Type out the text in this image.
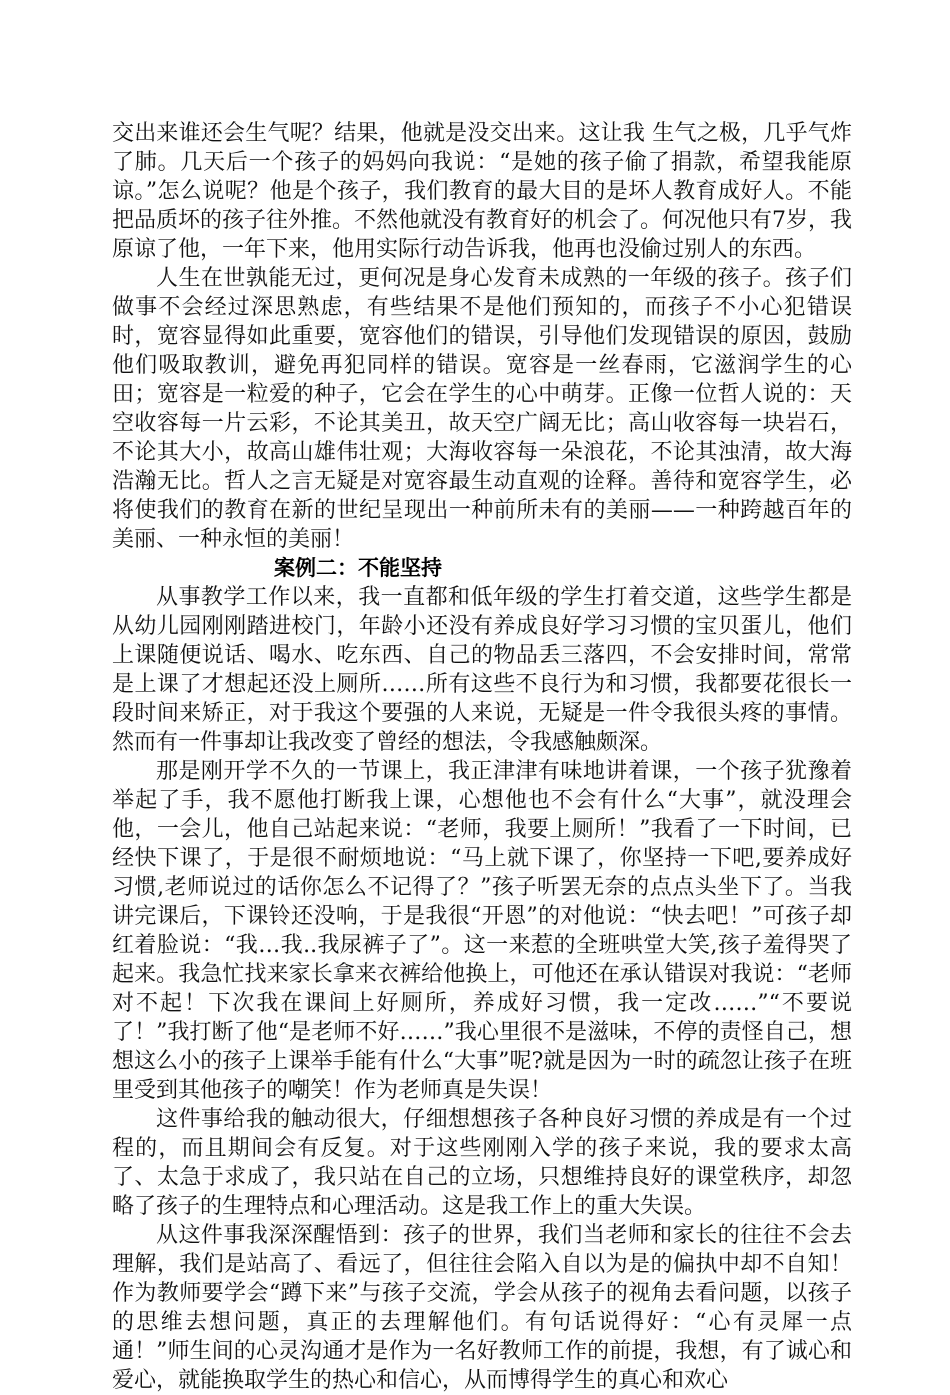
交出来谁还会生气呢？结果，他就是没交出来。这让我 生气之极，几乎气炸了肺。几天后一个孩子的妈妈向我说：“是她的孩子偷了捐款，希望我能原谅。”怎么说呢？他是个孩子，我们教育的最大目的是坏人教育成好人。不能把品质坏的孩子往外推。不然他就没有教育好的机会了。何况他只有7岁，我原谅了他，一年下来，他用实际行动告诉我，他再也没偷过别人的东西。

人生在世孰能无过，更何况是身心发育未成熟的一年级的孩子。孩子们做事不会经过深思熟虑，有些结果不是他们预知的，而孩子不小心犯错误时，宽容显得如此重要，宽容他们的错误，引导他们发现错误的原因，鼓励他们吸取教训，避免再犯同样的错误。宽容是一丝春雨，它滋润学生的心田；宽容是一粒爱的种子，它会在学生的心中萌芽。正像一位哲人说的：天空收容每一片云彩，不论其美丑，故天空广阔无比；高山收容每一块岩石，不论其大小，故高山雄伟壮观；大海收容每一朵浪花，不论其浊清，故大海浩瀚无比。哲人之言无疑是对宽容最生动直观的诠释。善待和宽容学生，必将使我们的教育在新的世纪呈现出一种前所未有的美丽——一种跨越百年的美丽、一种永恒的美丽！

案例二：不能坚持

从事教学工作以来，我一直都和低年级的学生打着交道，这些学生都是从幼儿园刚刚踏进校门，年龄小还没有养成良好学习习惯的宝贝蛋儿，他们上课随便说话、喝水、吃东西、自己的物品丢三落四，不会安排时间，常常是上课了才想起还没上厕所……所有这些不良行为和习惯，我都要花很长一段时间来矫正，对于我这个要强的人来说，无疑是一件令我很头疼的事情。然而有一件事却让我改变了曾经的想法，令我感触颇深。

那是刚开学不久的一节课上，我正津津有味地讲着课，一个孩子犹豫着举起了手，我不愿他打断我上课，心想他也不会有什么“大事”，就没理会他，一会儿，他自己站起来说：“老师，我要上厕所！”我看了一下时间，已经快下课了，于是很不耐烦地说：“马上就下课了，你坚持一下吧,要养成好习惯,老师说过的话你怎么不记得了？”孩子听罢无奈的点点头坐下了。当我讲完课后，下课铃还没响，于是我很“开恩”的对他说：“快去吧！”可孩子却红着脸说：“我…我..我尿裤子了”。这一来惹的全班哄堂大笑,孩子羞得哭了起来。我急忙找来家长拿来衣裤给他换上，可他还在承认错误对我说：“老师对不起！下次我在课间上好厕所，养成好习惯，我一定改……”“不要说了！”我打断了他“是老师不好……”我心里很不是滋味，不停的责怪自己，想想这么小的孩子上课举手能有什么“大事”呢?就是因为一时的疏忽让孩子在班里受到其他孩子的嘲笑！作为老师真是失误！

这件事给我的触动很大，仔细想想孩子各种良好习惯的养成是有一个过程的，而且期间会有反复。对于这些刚刚入学的孩子来说，我的要求太高了、太急于求成了，我只站在自己的立场，只想维持良好的课堂秩序，却忽略了孩子的生理特点和心理活动。这是我工作上的重大失误。

从这件事我深深醒悟到：孩子的世界，我们当老师和家长的往往不会去理解，我们是站高了、看远了，但往往会陷入自以为是的偏执中却不自知！作为教师要学会“蹲下来”与孩子交流，学会从孩子的视角去看问题，以孩子的思维去想问题，真正的去理解他们。有句话说得好：“心有灵犀一点通！”师生间的心灵沟通才是作为一名好教师工作的前提，我想，有了诚心和爱心，就能换取学生的热心和信心，从而博得学生的真心和欢心
